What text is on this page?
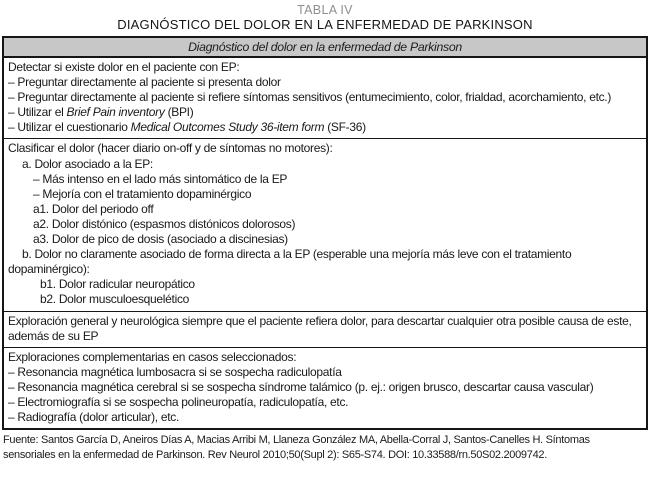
TABLA IV
DIAGNÓSTICO DEL DOLOR EN LA ENFERMEDAD DE PARKINSON
Diagnóstico del dolor en la enfermedad de Parkinson
Detectar si existe dolor en el paciente con EP:
– Preguntar directamente al paciente si presenta dolor
– Preguntar directamente al paciente si refiere síntomas sensitivos (entumecimiento, color, frialdad, acorchamiento, etc.)
– Utilizar el Brief Pain inventory (BPI)
– Utilizar el cuestionario Medical Outcomes Study 36-item form (SF-36)
Clasificar el dolor (hacer diario on-off y de síntomas no motores):
a. Dolor asociado a la EP:
– Más intenso en el lado más sintomático de la EP
– Mejoría con el tratamiento dopaminérgico
a1. Dolor del periodo off
a2. Dolor distónico (espasmos distónicos dolorosos)
a3. Dolor de pico de dosis (asociado a discinesias)
b. Dolor no claramente asociado de forma directa a la EP (esperable una mejoría más leve con el tratamiento dopaminérgico):
b1. Dolor radicular neuropático
b2. Dolor musculoesquelético
Exploración general y neurológica siempre que el paciente refiera dolor, para descartar cualquier otra posible causa de este, además de su EP
Exploraciones complementarias en casos seleccionados:
– Resonancia magnética lumbosacra si se sospecha radiculopatía
– Resonancia magnética cerebral si se sospecha síndrome talámico (p. ej.: origen brusco, descartar causa vascular)
– Electromiografía si se sospecha polineuropatía, radiculopatía, etc.
– Radiografía (dolor articular), etc.
Fuente: Santos García D, Aneiros Días A, Macias Arribi M, Llaneza González MA, Abella-Corral J, Santos-Canelles H. Síntomas
sensoriales en la enfermedad de Parkinson. Rev Neurol 2010;50(Supl 2): S65-S74. DOI: 10.33588/rn.50S02.2009742.
